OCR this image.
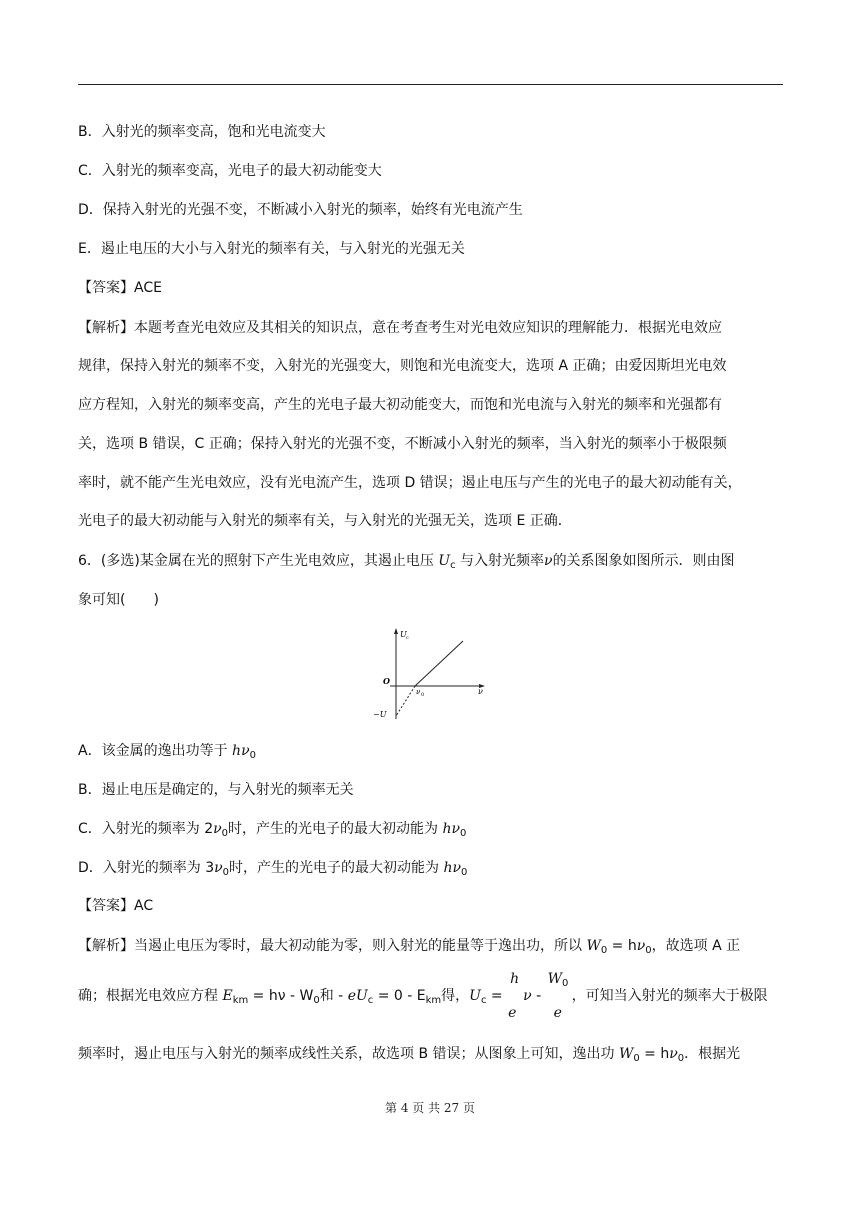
B．入射光的频率变高，饱和光电流变大
C．入射光的频率变高，光电子的最大初动能变大
D．保持入射光的光强不变，不断减小入射光的频率，始终有光电流产生
E．遏止电压的大小与入射光的频率有关，与入射光的光强无关
【答案】ACE
【解析】本题考查光电效应及其相关的知识点，意在考查考生对光电效应知识的理解能力．根据光电效应
规律，保持入射光的频率不变，入射光的光强变大，则饱和光电流变大，选项 A 正确；由爱因斯坦光电效
应方程知，入射光的频率变高，产生的光电子最大初动能变大，而饱和光电流与入射光的频率和光强都有
关，选项 B 错误，C 正确；保持入射光的光强不变，不断减小入射光的频率，当入射光的频率小于极限频
率时，就不能产生光电效应，没有光电流产生，选项 D 错误；遏止电压与产生的光电子的最大初动能有关，
光电子的最大初动能与入射光的频率有关，与入射光的光强无关，选项 E 正确．
6．(多选)某金属在光的照射下产生光电效应，其遏止电压 $U_c$ 与入射光频率ν的关系图象如图所示．则由图
象可知(　　)
U c
O
ν
ν 0
−U
A．该金属的逸出功等于 $h\nu_0$
B．遏止电压是确定的，与入射光的频率无关
C．入射光的频率为 $2\nu_0$时，产生的光电子的最大初动能为 $h\nu_0$
D．入射光的频率为 $3\nu_0$时，产生的光电子的最大初动能为 $h\nu_0$
【答案】AC
【解析】当遏止电压为零时，最大初动能为零，则入射光的能量等于逸出功，所以 $W_0 = h\nu_0$，故选项 A 正
确；根据光电效应方程 $E_{km} = h\nu - W_0$和 - $eU_c = 0 - E_{km}$得，$U_c$ =
h
e
ν -
$W_0$
e
，可知当入射光的频率大于极限
频率时，遏止电压与入射光的频率成线性关系，故选项 B 错误；从图象上可知，逸出功 $W_0 = h\nu_0$．根据光
第 4 页 共 27 页
